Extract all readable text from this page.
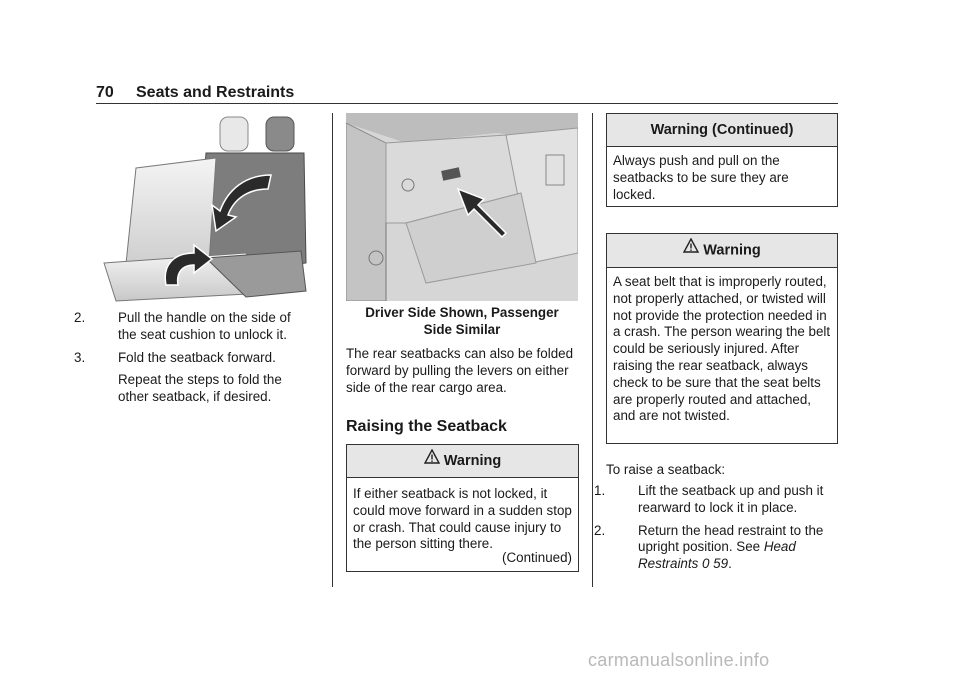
70 Seats and Restraints
2. Pull the handle on the side of the seat cushion to unlock it.
3. Fold the seatback forward.
Repeat the steps to fold the other seatback, if desired.
Driver Side Shown, Passenger
Side Similar
The rear seatbacks can also be folded forward by pulling the levers on either side of the rear cargo area.
Raising the Seatback
Warning
If either seatback is not locked, it could move forward in a sudden stop or crash. That could cause injury to the person sitting there.
(Continued)
Warning (Continued)
Always push and pull on the seatbacks to be sure they are locked.
Warning
A seat belt that is improperly routed, not properly attached, or twisted will not provide the protection needed in a crash. The person wearing the belt could be seriously injured. After raising the rear seatback, always check to be sure that the seat belts are properly routed and attached, and are not twisted.
To raise a seatback:
1. Lift the seatback up and push it rearward to lock it in place.
2. Return the head restraint to the upright position. See Head Restraints 0 59.
carmanualsonline.info
